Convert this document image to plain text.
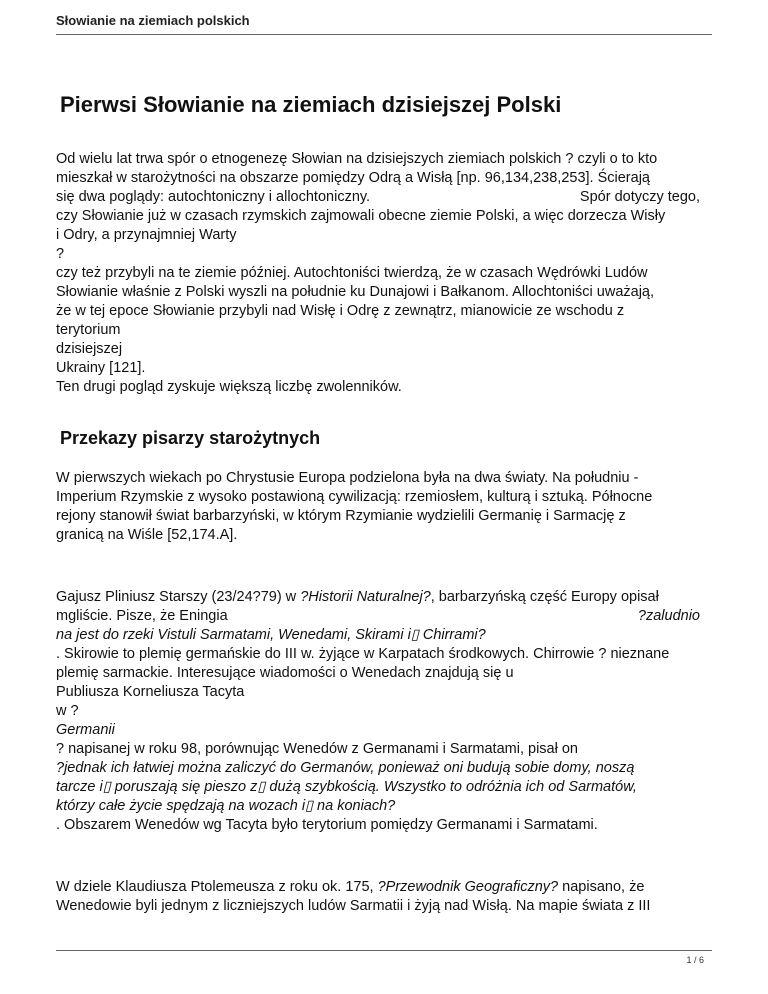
Słowianie na ziemiach polskich
Pierwsi Słowianie na ziemiach dzisiejszej Polski
Od wielu lat trwa spór o etnogenezę Słowian na dzisiejszych ziemiach polskich ? czyli o to kto
mieszkał w starożytności na obszarze pomiędzy Odrą a Wisłą [np. 96,134,238,253]. Ścierają
się dwa poglądy: autochtoniczny i allochtoniczny.	Spór dotyczy tego,
czy Słowianie już w czasach rzymskich zajmowali obecne ziemie Polski, a więc dorzecza Wisły
i Odry, a przynajmniej Warty
?
czy też przybyli na te ziemie później. Autochtoniści twierdzą, że w czasach Wędrówki Ludów
Słowianie właśnie z Polski wyszli na południe ku Dunajowi i Bałkanom. Allochtoniści uważają,
że w tej epoce Słowianie przybyli nad Wisłę i Odrę z zewnątrz, mianowicie ze wschodu z
terytorium
dzisiejszej
Ukrainy [121].
Ten drugi pogląd zyskuje większą liczbę zwolenników.
Przekazy pisarzy starożytnych
W pierwszych wiekach po Chrystusie Europa podzielona była na dwa światy. Na południu -
Imperium Rzymskie z wysoko postawioną cywilizacją: rzemiosłem, kulturą i sztuką. Północne
rejony stanowił świat barbarzyński, w którym Rzymianie wydzielili Germanię i Sarmację z
granicą na Wiśle [52,174.A].
Gajusz Pliniusz Starszy (23/24?79) w ?Historii Naturalnej?, barbarzyńską część Europy opisał
mgliście. Pisze, że Eningia	?zaludnio
na jest do rzeki Vistuli Sarmatami, Wenedami, Skirami i▯ Chirrami?
. Skirowie to plemię germańskie do III w. żyjące w Karpatach środkowych. Chirrowie ? nieznane
plemię sarmackie. Interesujące wiadomości o Wenedach znajdują się u
Publiusza Korneliusza Tacyta
w ?
Germanii
? napisanej w roku 98, porównując Wenedów z Germanami i Sarmatami, pisał on
?jednak ich łatwiej można zaliczyć do Germanów, ponieważ oni budują sobie domy, noszą
tarcze i▯ poruszają się pieszo z▯ dużą szybkością. Wszystko to odróżnia ich od Sarmatów,
którzy całe życie spędzają na wozach i▯ na koniach?
. Obszarem Wenedów wg Tacyta było terytorium pomiędzy Germanami i Sarmatami.
W dziele Klaudiusza Ptolemeusza z roku ok. 175, ?Przewodnik Geograficzny? napisano, że
Wenedowie byli jednym z liczniejszych ludów Sarmatii i żyją nad Wisłą. Na mapie świata z III
1 / 6
